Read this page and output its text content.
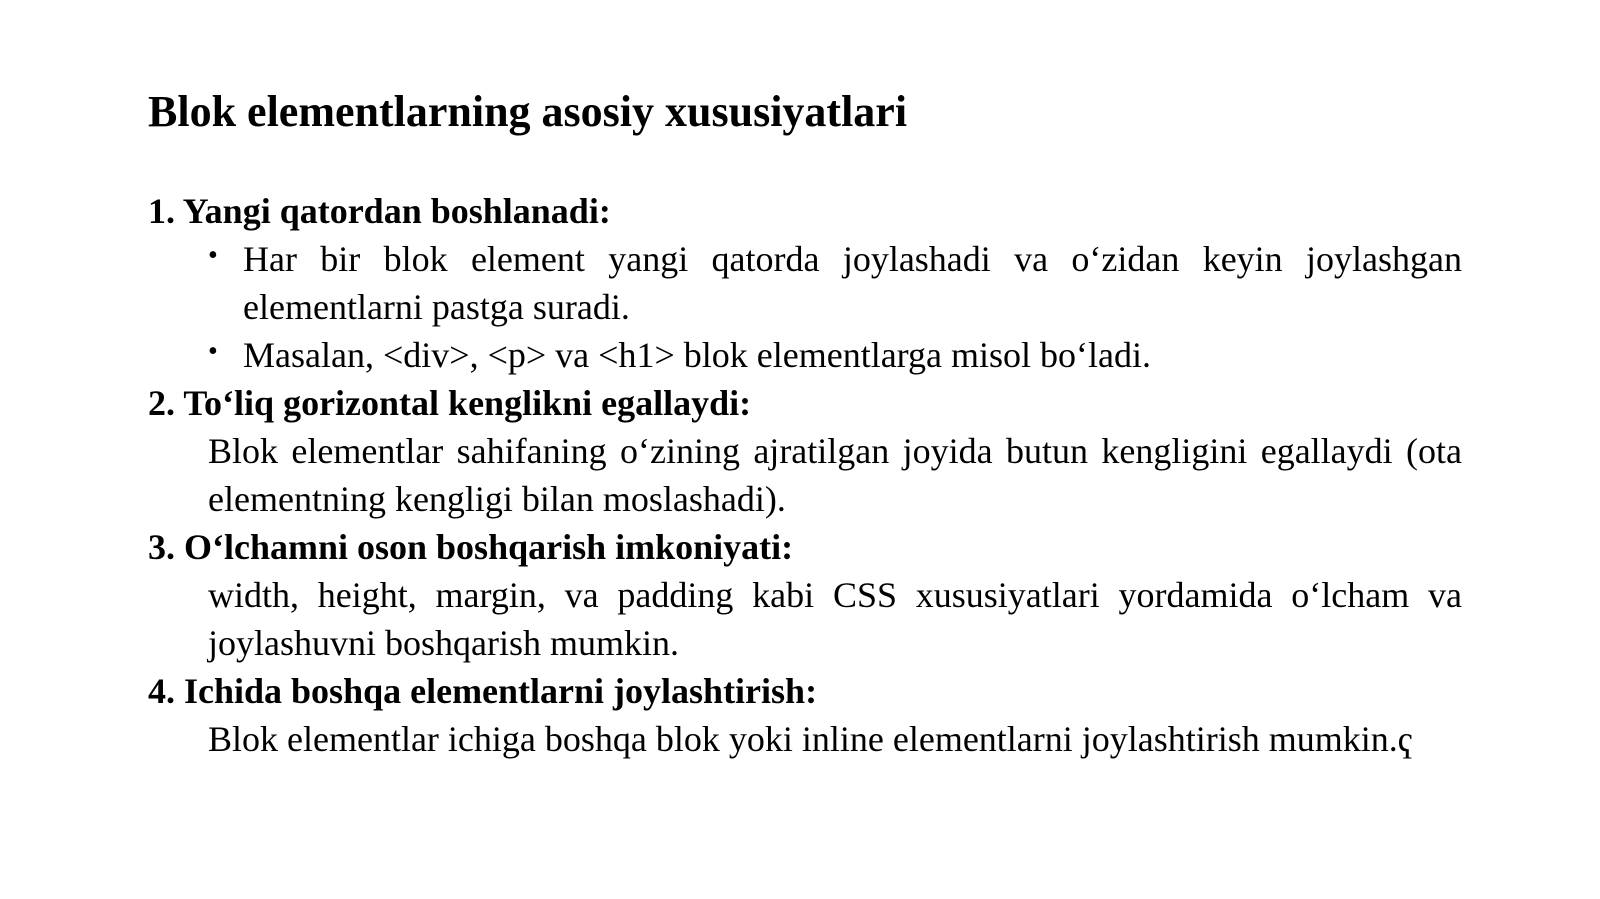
Blok elementlarning asosiy xususiyatlari
1. Yangi qatordan boshlanadi:
• Har bir blok element yangi qatorda joylashadi va o‘zidan keyin joylashgan elementlarni pastga suradi.
• Masalan, <div>, <p> va <h1> blok elementlarga misol bo‘ladi.
2. To‘liq gorizontal kenglikni egallaydi:
Blok elementlar sahifaning o‘zining ajratilgan joyida butun kengligini egallaydi (ota elementning kengligi bilan moslashadi).
3. O‘lchamni oson boshqarish imkoniyati:
width, height, margin, va padding kabi CSS xususiyatlari yordamida o‘lcham va joylashuvni boshqarish mumkin.
4. Ichida boshqa elementlarni joylashtirish:
Blok elementlar ichiga boshqa blok yoki inline elementlarni joylashtirish mumkin.ҁ
